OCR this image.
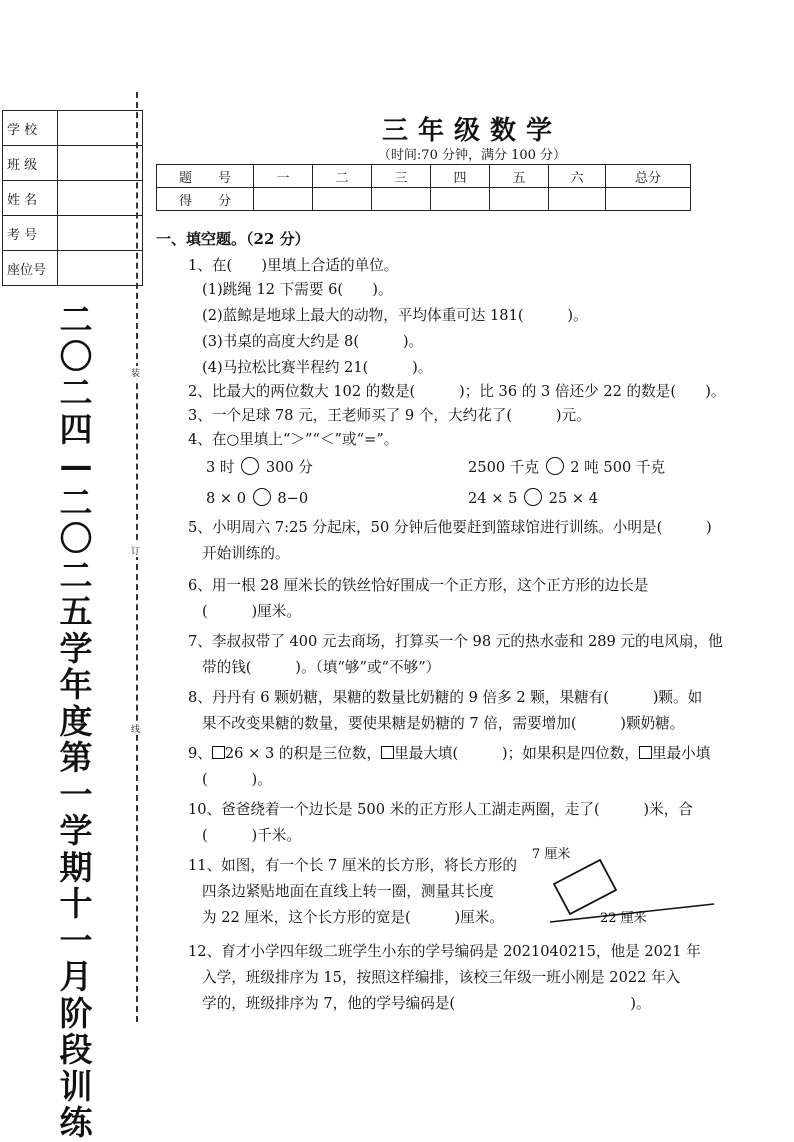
学 校	
班 级	
姓 名	
考 号	
座位号	
二
〇
二
四
—
二
〇
二
五
学
年
度
第
一
学
期
十
一
月
阶
段
训
练
装
订
线
三年级数学
（时间:70 分钟，满分 100 分）
题　　号	一	二	三	四	五	六	总分
得　　分							
一、填空题。（22 分）
1、在(　　)里填上合适的单位。
(1)跳绳 12 下需要 6(　　)。
(2)蓝鲸是地球上最大的动物，平均体重可达 181(　　　)。
(3)书桌的高度大约是 8(　　　)。
(4)马拉松比赛半程约 21(　　　)。
2、比最大的两位数大 102 的数是(　　　)；比 36 的 3 倍还少 22 的数是(　　)。
3、一个足球 78 元，王老师买了 9 个，大约花了(　　　)元。
4、在○里填上“＞”“＜”或“=”。
3 时 300 分	2500 千克 2 吨 500 千克
8 × 0 8−0	24 × 5 25 × 4
5、小明周六 7:25 分起床，50 分钟后他要赶到篮球馆进行训练。小明是(　　　)
开始训练的。
6、用一根 28 厘米长的铁丝恰好围成一个正方形，这个正方形的边长是
(　　　)厘米。
7、李叔叔带了 400 元去商场，打算买一个 98 元的热水壶和 289 元的电风扇，他
带的钱(　　　)。（填“够”或“不够”）
8、丹丹有 6 颗奶糖，果糖的数量比奶糖的 9 倍多 2 颗，果糖有(　　　)颗。如
果不改变果糖的数量，要使果糖是奶糖的 7 倍，需要增加(　　　)颗奶糖。
9、 26 × 3 的积是三位数， 里最大填(　　　)；如果积是四位数， 里最小填
(　　　)。
10、爸爸绕着一个边长是 500 米的正方形人工湖走两圈，走了(　　　)米，合
(　　　)千米。
11、如图，有一个长 7 厘米的长方形，将长方形的
四条边紧贴地面在直线上转一圈，测量其长度
为 22 厘米，这个长方形的宽是(　　　)厘米。
12、育才小学四年级二班学生小东的学号编码是 2021040215，他是 2021 年
入学，班级排序为 15，按照这样编排，该校三年级一班小刚是 2022 年入
学的，班级排序为 7，他的学号编码是(　　　　　　　　　　　　)。
7 厘米
22 厘米
